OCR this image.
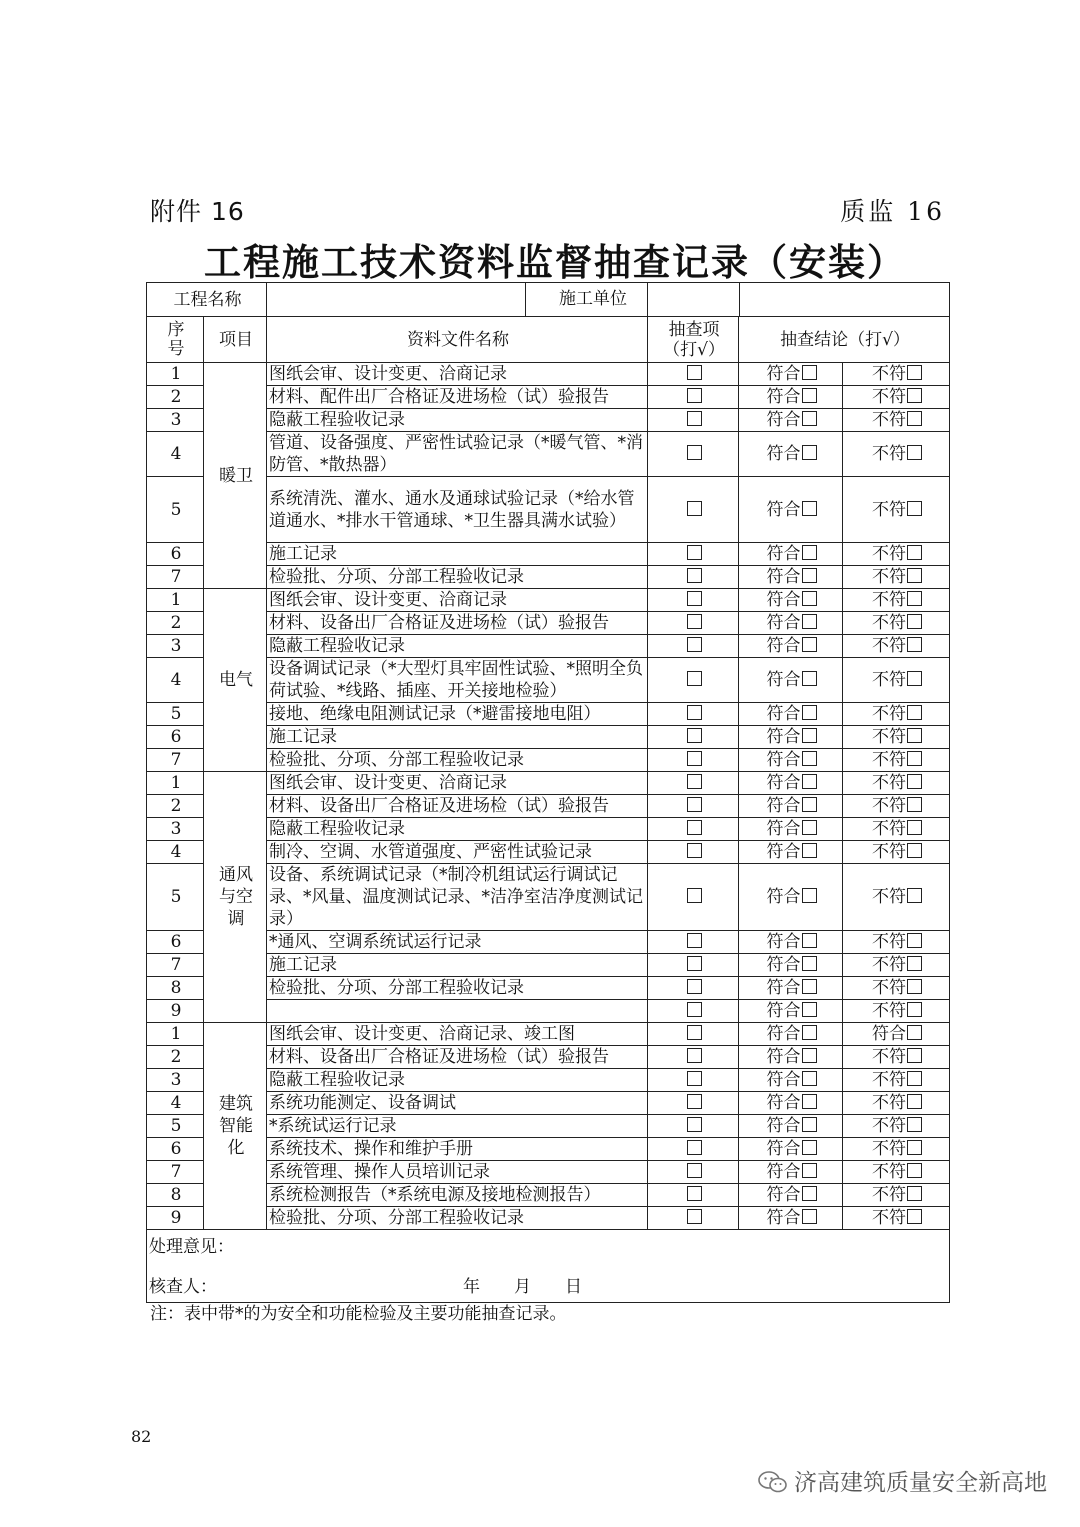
附件 16	质监 16
工程施工技术资料监督抽查记录（安装）
工程名称		施工单位			

序号	项目	资料文件名称	抽查项
（打√）	抽查结论（打√）	
1	暖卫	图纸会审、设计变更、洽商记录		符合	不符
2		材料、配件出厂合格证及进场检（试）验报告		符合	不符
3		隐蔽工程验收记录		符合	不符
4		管道、设备强度、严密性试验记录（*暖气管、*消防管、*散热器）		符合	不符
5		系统清洗、灌水、通水及通球试验记录（*给水管道通水、*排水干管通球、*卫生器具满水试验）		符合	不符
6		施工记录		符合	不符
7		检验批、分项、分部工程验收记录		符合	不符
1	电气	图纸会审、设计变更、洽商记录		符合	不符
2		材料、设备出厂合格证及进场检（试）验报告		符合	不符
3		隐蔽工程验收记录		符合	不符
4		设备调试记录（*大型灯具牢固性试验、*照明全负荷试验、*线路、插座、开关接地检验）		符合	不符
5		接地、绝缘电阻测试记录（*避雷接地电阻）		符合	不符
6		施工记录		符合	不符
7		检验批、分项、分部工程验收记录		符合	不符
1	通风与空调	图纸会审、设计变更、洽商记录		符合	不符
2		材料、设备出厂合格证及进场检（试）验报告		符合	不符
3		隐蔽工程验收记录		符合	不符
4		制冷、空调、水管道强度、严密性试验记录		符合	不符
5		设备、系统调试记录（*制冷机组试运行调试记录、*风量、温度测试记录、*洁净室洁净度测试记录）		符合	不符
6		*通风、空调系统试运行记录		符合	不符
7		施工记录		符合	不符
8		检验批、分项、分部工程验收记录		符合	不符
9				符合	不符
1	建筑智能化	图纸会审、设计变更、洽商记录、竣工图		符合	符合
2		材料、设备出厂合格证及进场检（试）验报告		符合	不符
3		隐蔽工程验收记录		符合	不符
4		系统功能测定、设备调试		符合	不符
5		*系统试运行记录		符合	不符
6		系统技术、操作和维护手册		符合	不符
7		系统管理、操作人员培训记录		符合	不符
8		系统检测报告（*系统电源及接地检测报告）		符合	不符
9		检验批、分项、分部工程验收记录		符合	不符

处理意见：
核查人： 年　　月　　日					
注：表中带*的为安全和功能检验及主要功能抽查记录。
82
济高建筑质量安全新高地
